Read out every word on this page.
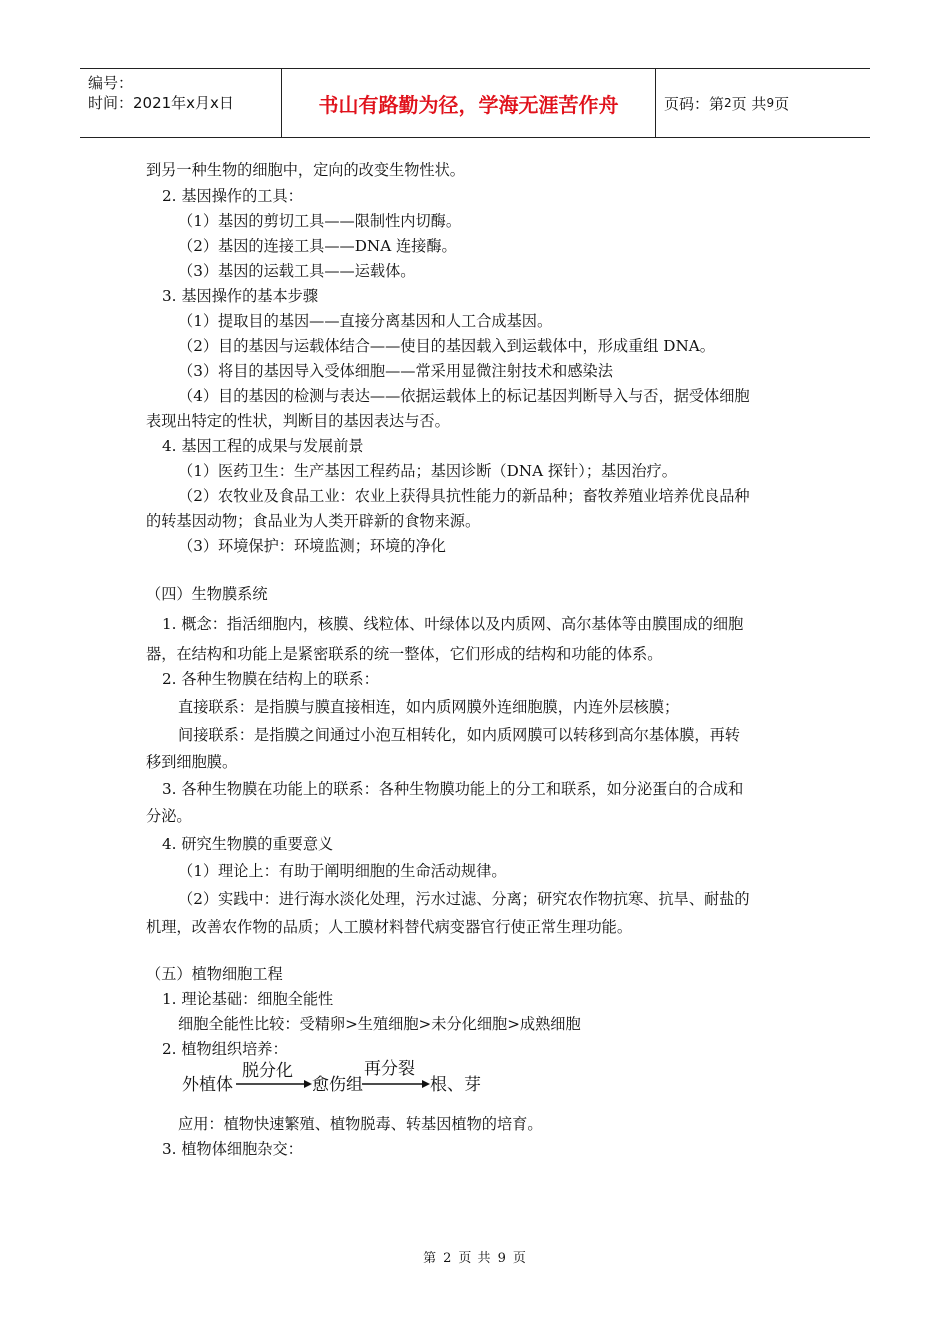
编号：
时间：2021年x月x日	书山有路勤为径，学海无涯苦作舟	页码：第 2 页 共 9 页
到另一种生物的细胞中，定向的改变生物性状。
2. 基因操作的工具：
（1）基因的剪切工具——限制性内切酶。
（2）基因的连接工具——DNA 连接酶。
（3）基因的运载工具——运载体。
3. 基因操作的基本步骤
（1）提取目的基因——直接分离基因和人工合成基因。
（2）目的基因与运载体结合——使目的基因载入到运载体中，形成重组 DNA。
（3）将目的基因导入受体细胞——常采用显微注射技术和感染法
（4）目的基因的检测与表达——依据运载体上的标记基因判断导入与否，据受体细胞
表现出特定的性状，判断目的基因表达与否。
4. 基因工程的成果与发展前景
（1）医药卫生：生产基因工程药品；基因诊断（DNA 探针）；基因治疗。
（2）农牧业及食品工业：农业上获得具抗性能力的新品种；畜牧养殖业培养优良品种
的转基因动物；食品业为人类开辟新的食物来源。
（3）环境保护：环境监测；环境的净化
（四）生物膜系统
1. 概念：指活细胞内，核膜、线粒体、叶绿体以及内质网、高尔基体等由膜围成的细胞
器，在结构和功能上是紧密联系的统一整体，它们形成的结构和功能的体系。
2. 各种生物膜在结构上的联系：
直接联系：是指膜与膜直接相连，如内质网膜外连细胞膜，内连外层核膜；
间接联系：是指膜之间通过小泡互相转化，如内质网膜可以转移到高尔基体膜，再转
移到细胞膜。
3. 各种生物膜在功能上的联系：各种生物膜功能上的分工和联系，如分泌蛋白的合成和
分泌。
4. 研究生物膜的重要意义
（1）理论上：有助于阐明细胞的生命活动规律。
（2）实践中：进行海水淡化处理，污水过滤、分离；研究农作物抗寒、抗旱、耐盐的
机理，改善农作物的品质；人工膜材料替代病变器官行使正常生理功能。
（五）植物细胞工程
1. 理论基础：细胞全能性
细胞全能性比较：受精卵>生殖细胞>未分化细胞>成熟细胞
2. 植物组织培养：
应用：植物快速繁殖、植物脱毒、转基因植物的培育。
3. 植物体细胞杂交：
外植体
脱分化
愈伤组
再分裂
根、芽
第 2 页 共 9 页
